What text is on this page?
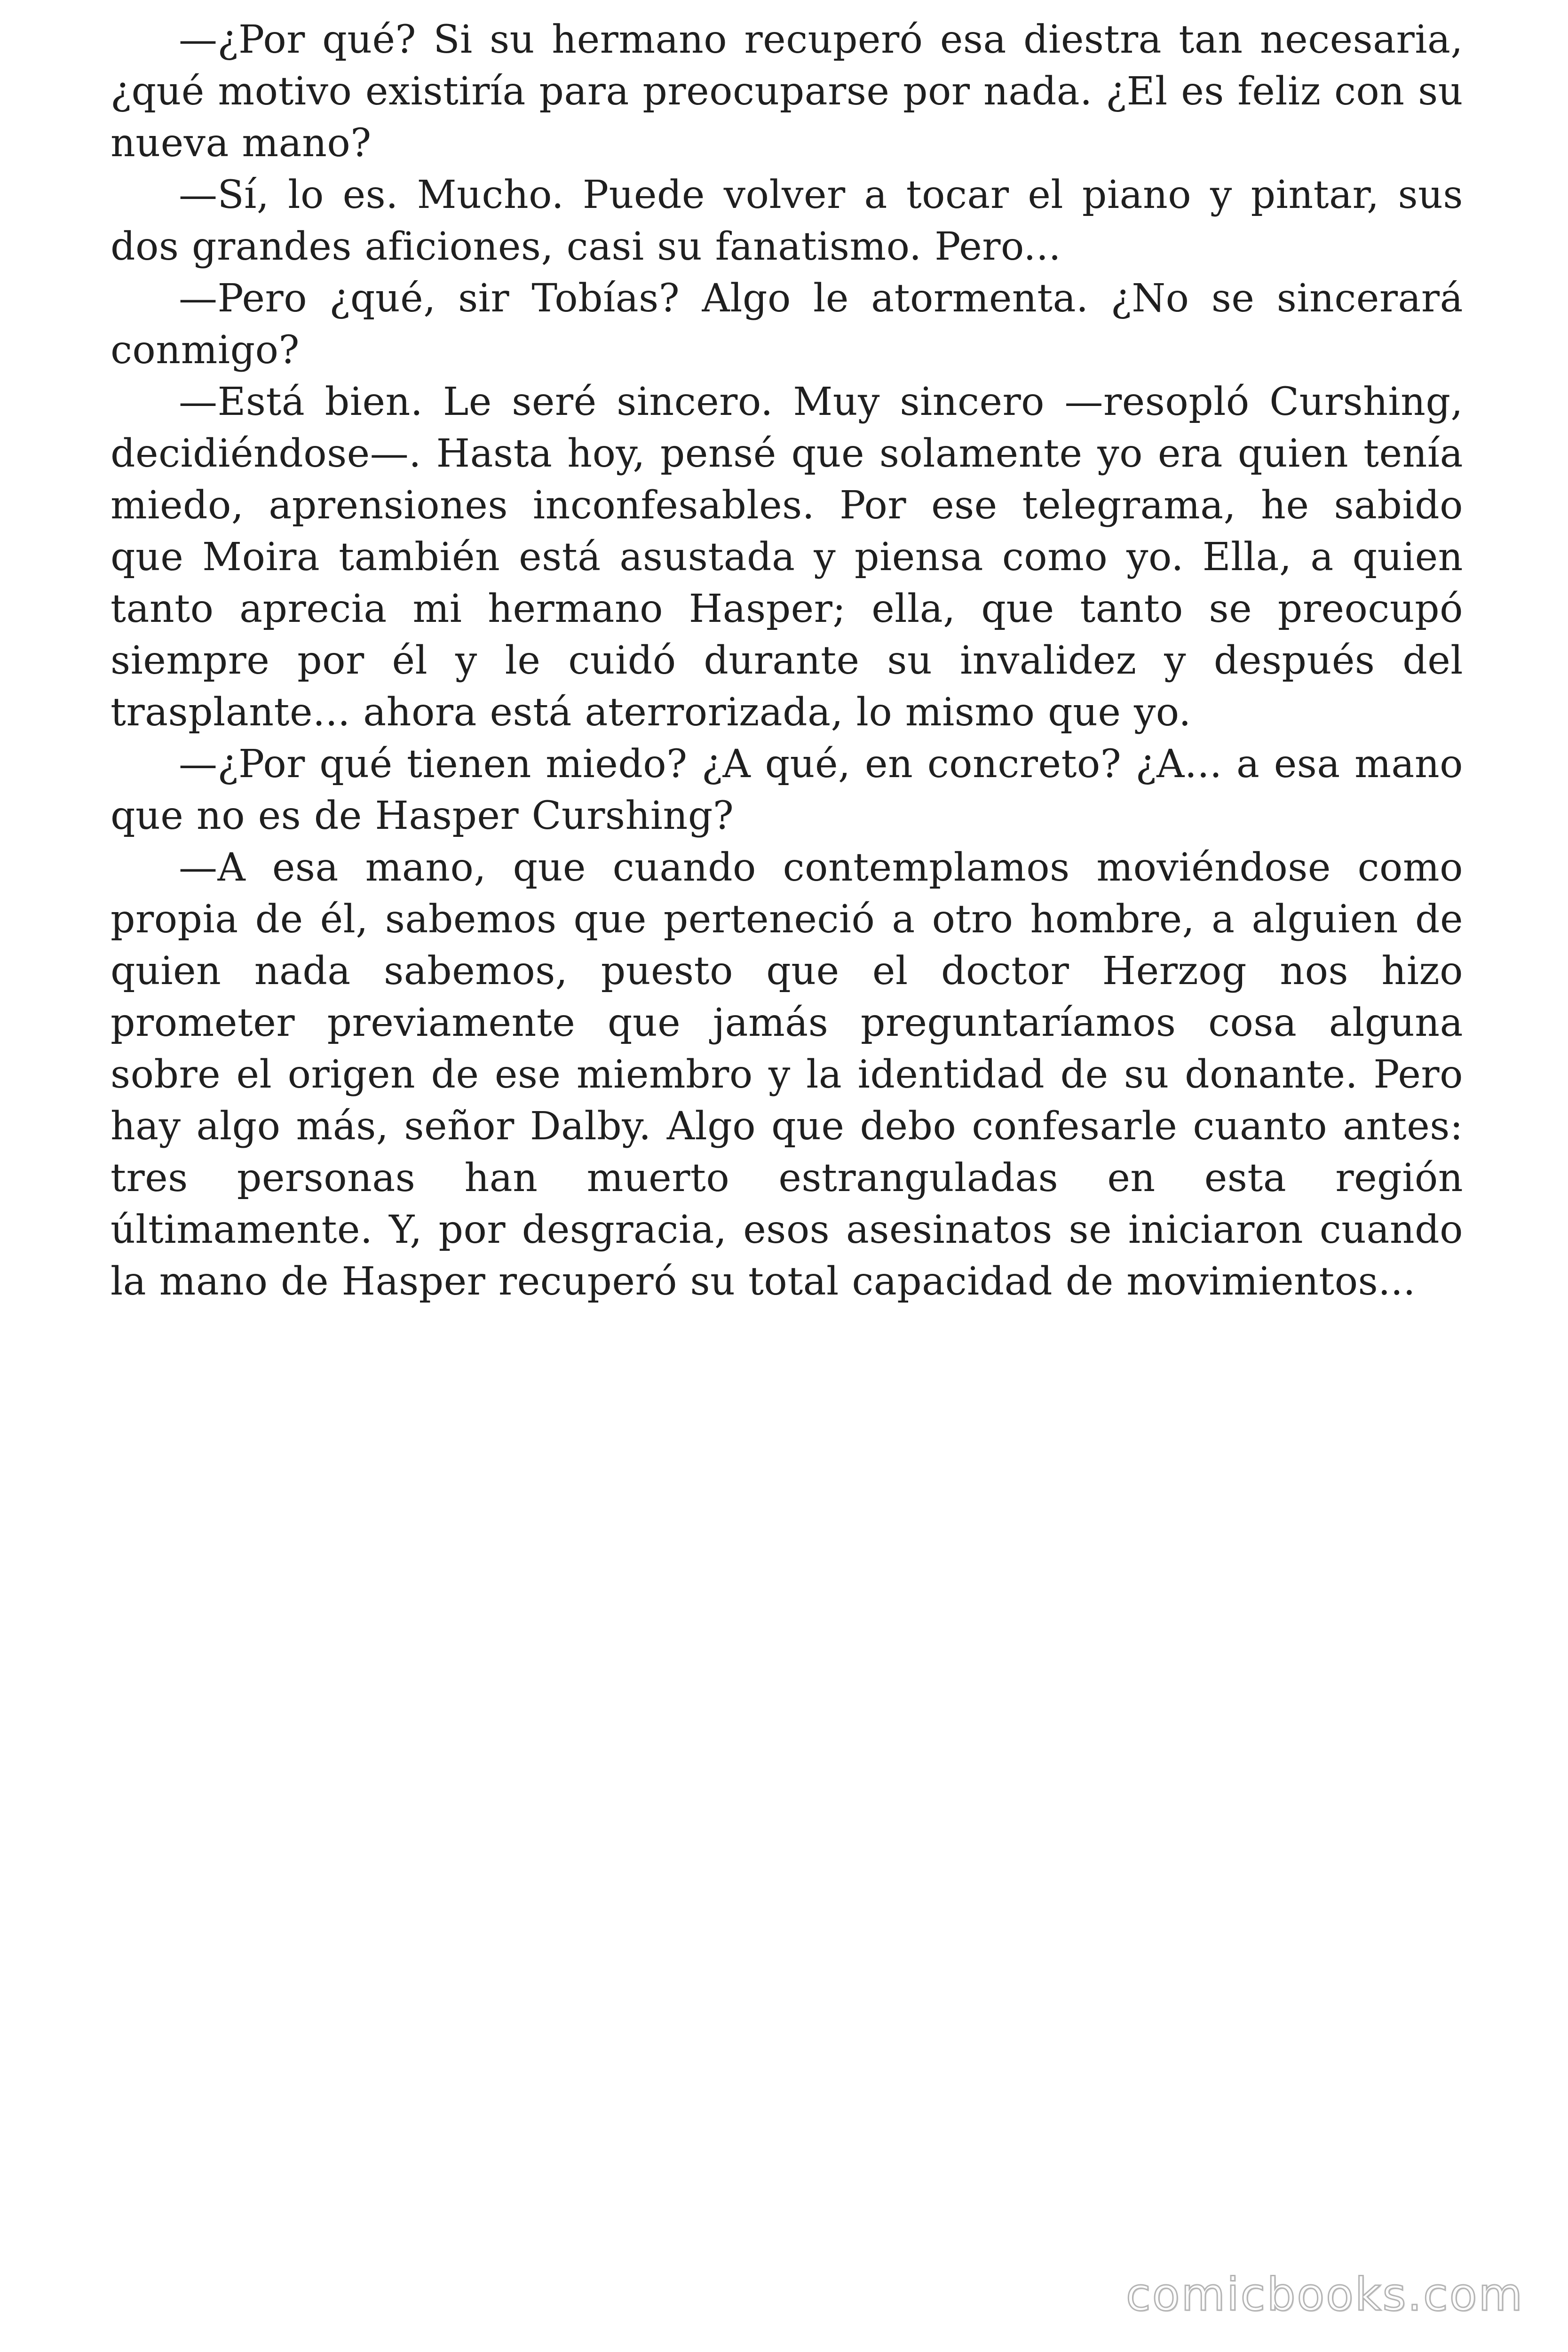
—¿Por qué? Si su hermano recuperó esa diestra tan necesaria, ¿qué motivo existiría para preocuparse por nada. ¿El es feliz con su nueva mano?

—Sí, lo es. Mucho. Puede volver a tocar el piano y pintar, sus dos grandes aficiones, casi su fanatismo. Pero...

—Pero ¿qué, sir Tobías? Algo le atormenta. ¿No se sincerará conmigo?

—Está bien. Le seré sincero. Muy sincero —resopló Curshing, decidiéndose—. Hasta hoy, pensé que solamente yo era quien tenía miedo, aprensiones inconfesables. Por ese telegrama, he sabido que Moira también está asustada y piensa como yo. Ella, a quien tanto aprecia mi hermano Hasper; ella, que tanto se preocupó siempre por él y le cuidó durante su invalidez y después del trasplante... ahora está aterrorizada, lo mismo que yo.

—¿Por qué tienen miedo? ¿A qué, en concreto? ¿A... a esa mano que no es de Hasper Curshing?

—A esa mano, que cuando contemplamos moviéndose como propia de él, sabemos que perteneció a otro hombre, a alguien de quien nada sabemos, puesto que el doctor Herzog nos hizo prometer previamente que jamás preguntaríamos cosa alguna sobre el origen de ese miembro y la identidad de su donante. Pero hay algo más, señor Dalby. Algo que debo confesarle cuanto antes: tres personas han muerto estranguladas en esta región últimamente. Y, por desgracia, esos asesinatos se iniciaron cuando la mano de Hasper recuperó su total capacidad de movimientos...

comicbooks.com
